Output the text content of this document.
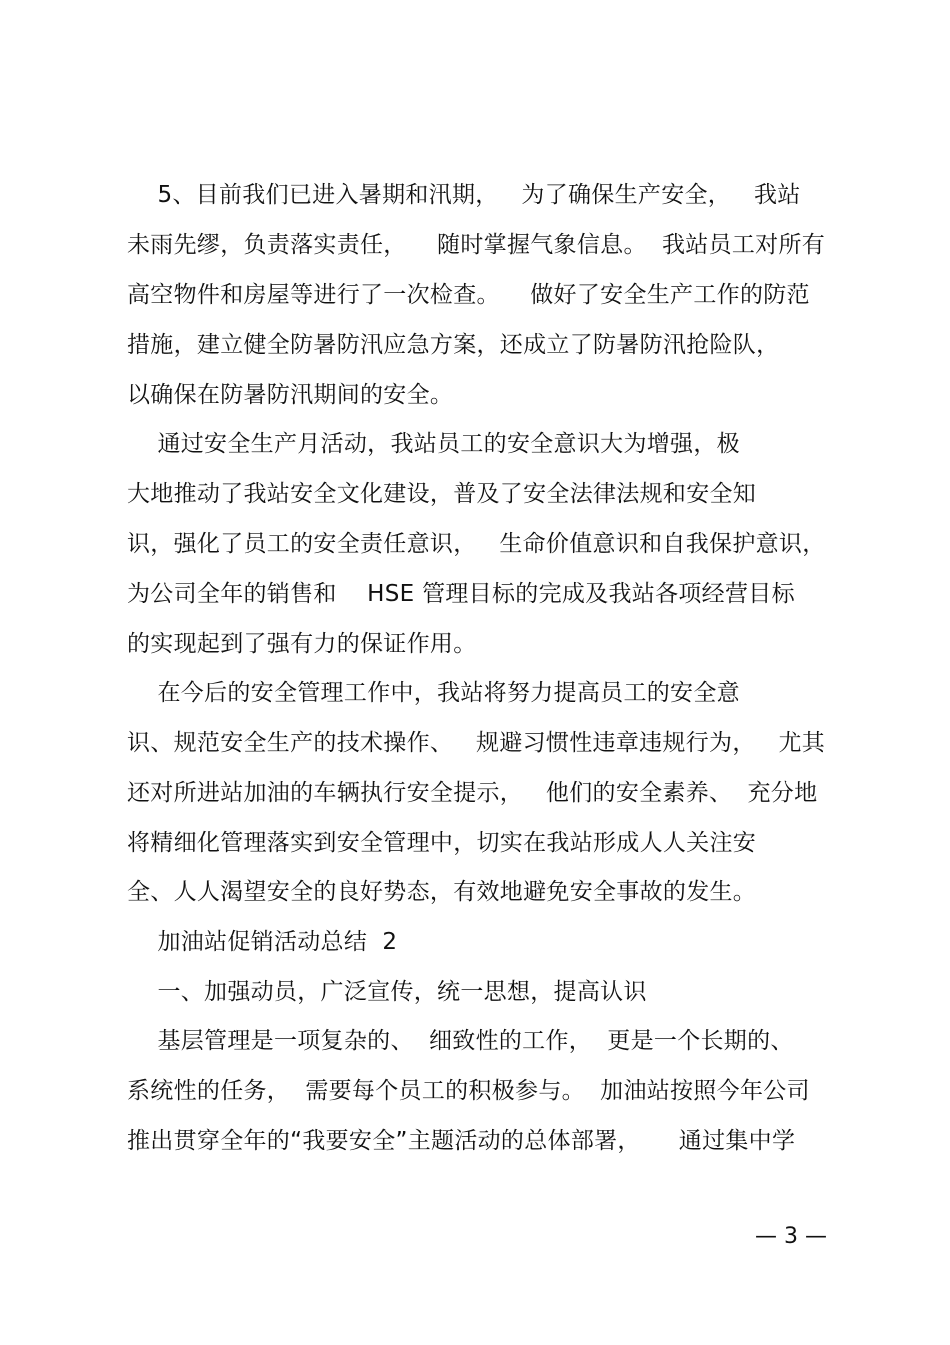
5、目前我们已进入暑期和汛期，   为了确保生产安全，   我站
未雨先缪，负责落实责任，    随时掌握气象信息。  我站员工对所有
高空物件和房屋等进行了一次检查。    做好了安全生产工作的防范
措施，建立健全防暑防汛应急方案，还成立了防暑防汛抢险队，
以确保在防暑防汛期间的安全。
通过安全生产月活动，我站员工的安全意识大为增强，极
大地推动了我站安全文化建设，普及了安全法律法规和安全知
识，强化了员工的安全责任意识，   生命价值意识和自我保护意识，
为公司全年的销售和    HSE 管理目标的完成及我站各项经营目标
的实现起到了强有力的保证作用。
在今后的安全管理工作中，我站将努力提高员工的安全意
识、规范安全生产的技术操作、   规避习惯性违章违规行为，   尤其
还对所进站加油的车辆执行安全提示，   他们的安全素养、  充分地
将精细化管理落实到安全管理中，切实在我站形成人人关注安
全、人人渴望安全的良好势态，有效地避免安全事故的发生。
加油站促销活动总结  2
一、加强动员，广泛宣传，统一思想，提高认识
基层管理是一项复杂的、  细致性的工作，  更是一个长期的、
系统性的任务，  需要每个员工的积极参与。  加油站按照今年公司
推出贯穿全年的“我要安全”主题活动的总体部署，     通过集中学
— 3 —
